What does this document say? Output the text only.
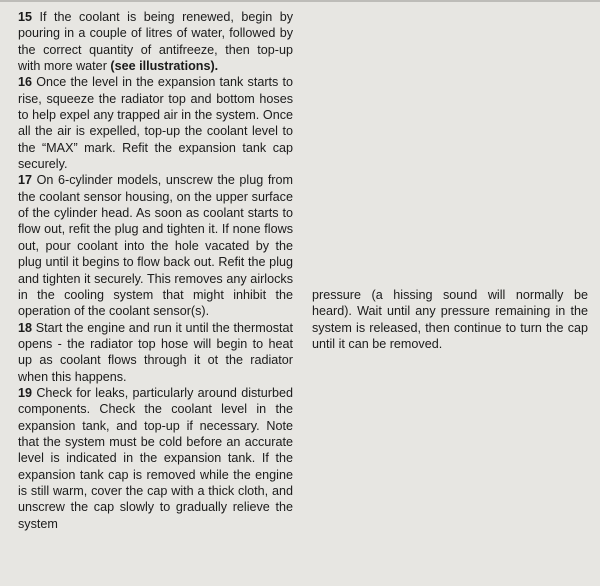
15 If the coolant is being renewed, begin by pouring in a couple of litres of water, followed by the correct quantity of antifreeze, then top-up with more water (see illustrations).

16 Once the level in the expansion tank starts to rise, squeeze the radiator top and bottom hoses to help expel any trapped air in the system. Once all the air is expelled, top-up the coolant level to the “MAX” mark. Refit the expansion tank cap securely.

17 On 6-cylinder models, unscrew the plug from the coolant sensor housing, on the upper surface of the cylinder head. As soon as coolant starts to flow out, refit the plug and tighten it. If none flows out, pour coolant into the hole vacated by the plug until it begins to flow back out. Refit the plug and tighten it securely. This removes any airlocks in the cooling system that might inhibit the operation of the coolant sensor(s).

18 Start the engine and run it until the thermostat opens - the radiator top hose will begin to heat up as coolant flows through it ot the radiator when this happens.

19 Check for leaks, particularly around disturbed components. Check the coolant level in the expansion tank, and top-up if necessary. Note that the system must be cold before an accurate level is indicated in the expansion tank. If the expansion tank cap is removed while the engine is still warm, cover the cap with a thick cloth, and unscrew the cap slowly to gradually relieve the system

pressure (a hissing sound will normally be heard). Wait until any pressure remaining in the system is released, then continue to turn the cap until it can be removed.
